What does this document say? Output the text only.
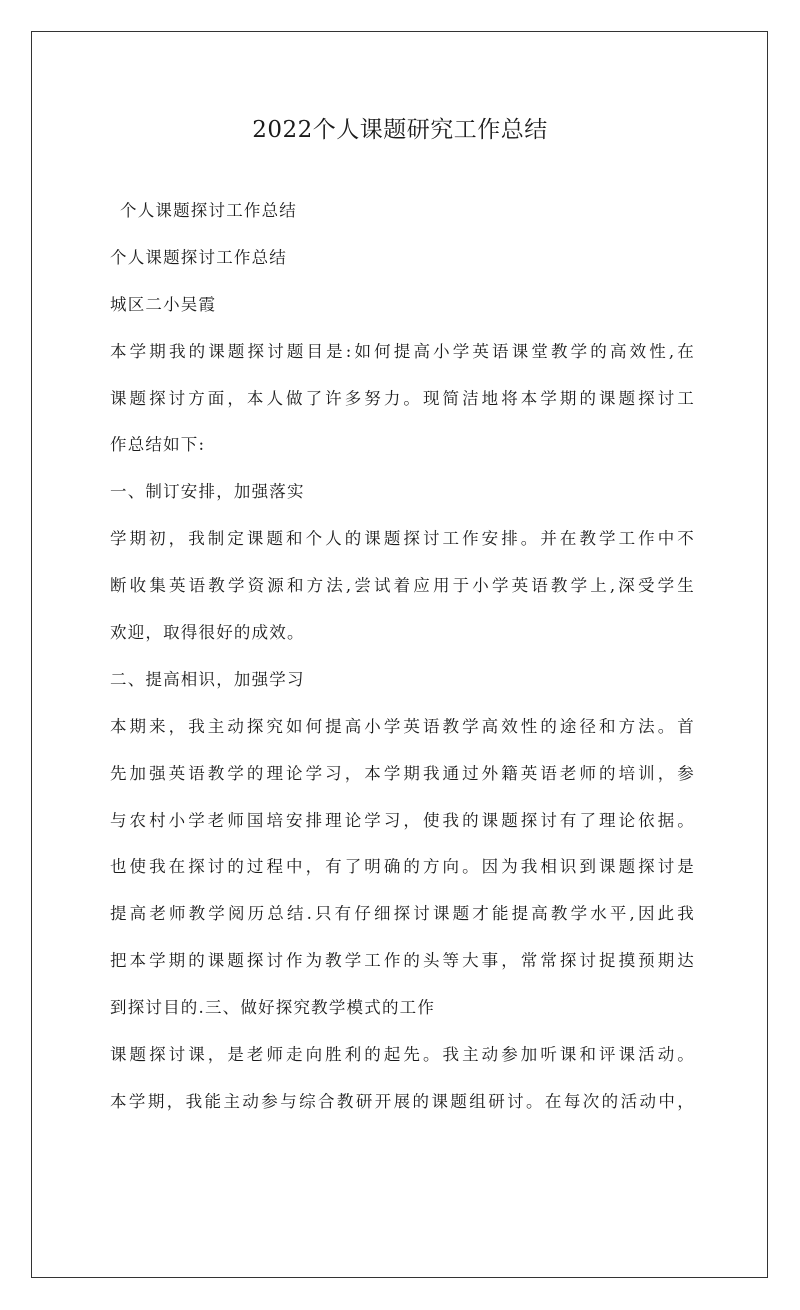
2022个人课题研究工作总结
个人课题探讨工作总结
个人课题探讨工作总结
城区二小吴霞
本学期我的课题探讨题目是:如何提高小学英语课堂教学的高效性,在
课题探讨方面，本人做了许多努力。现简洁地将本学期的课题探讨工
作总结如下:
一、制订安排，加强落实
学期初，我制定课题和个人的课题探讨工作安排。并在教学工作中不
断收集英语教学资源和方法,尝试着应用于小学英语教学上,深受学生
欢迎，取得很好的成效。
二、提高相识，加强学习
本期来，我主动探究如何提高小学英语教学高效性的途径和方法。首
先加强英语教学的理论学习，本学期我通过外籍英语老师的培训，参
与农村小学老师国培安排理论学习，使我的课题探讨有了理论依据。
也使我在探讨的过程中，有了明确的方向。因为我相识到课题探讨是
提高老师教学阅历总结.只有仔细探讨课题才能提高教学水平,因此我
把本学期的课题探讨作为教学工作的头等大事，常常探讨捉摸预期达
到探讨目的.三、做好探究教学模式的工作
课题探讨课，是老师走向胜利的起先。我主动参加听课和评课活动。
本学期，我能主动参与综合教研开展的课题组研讨。在每次的活动中，
